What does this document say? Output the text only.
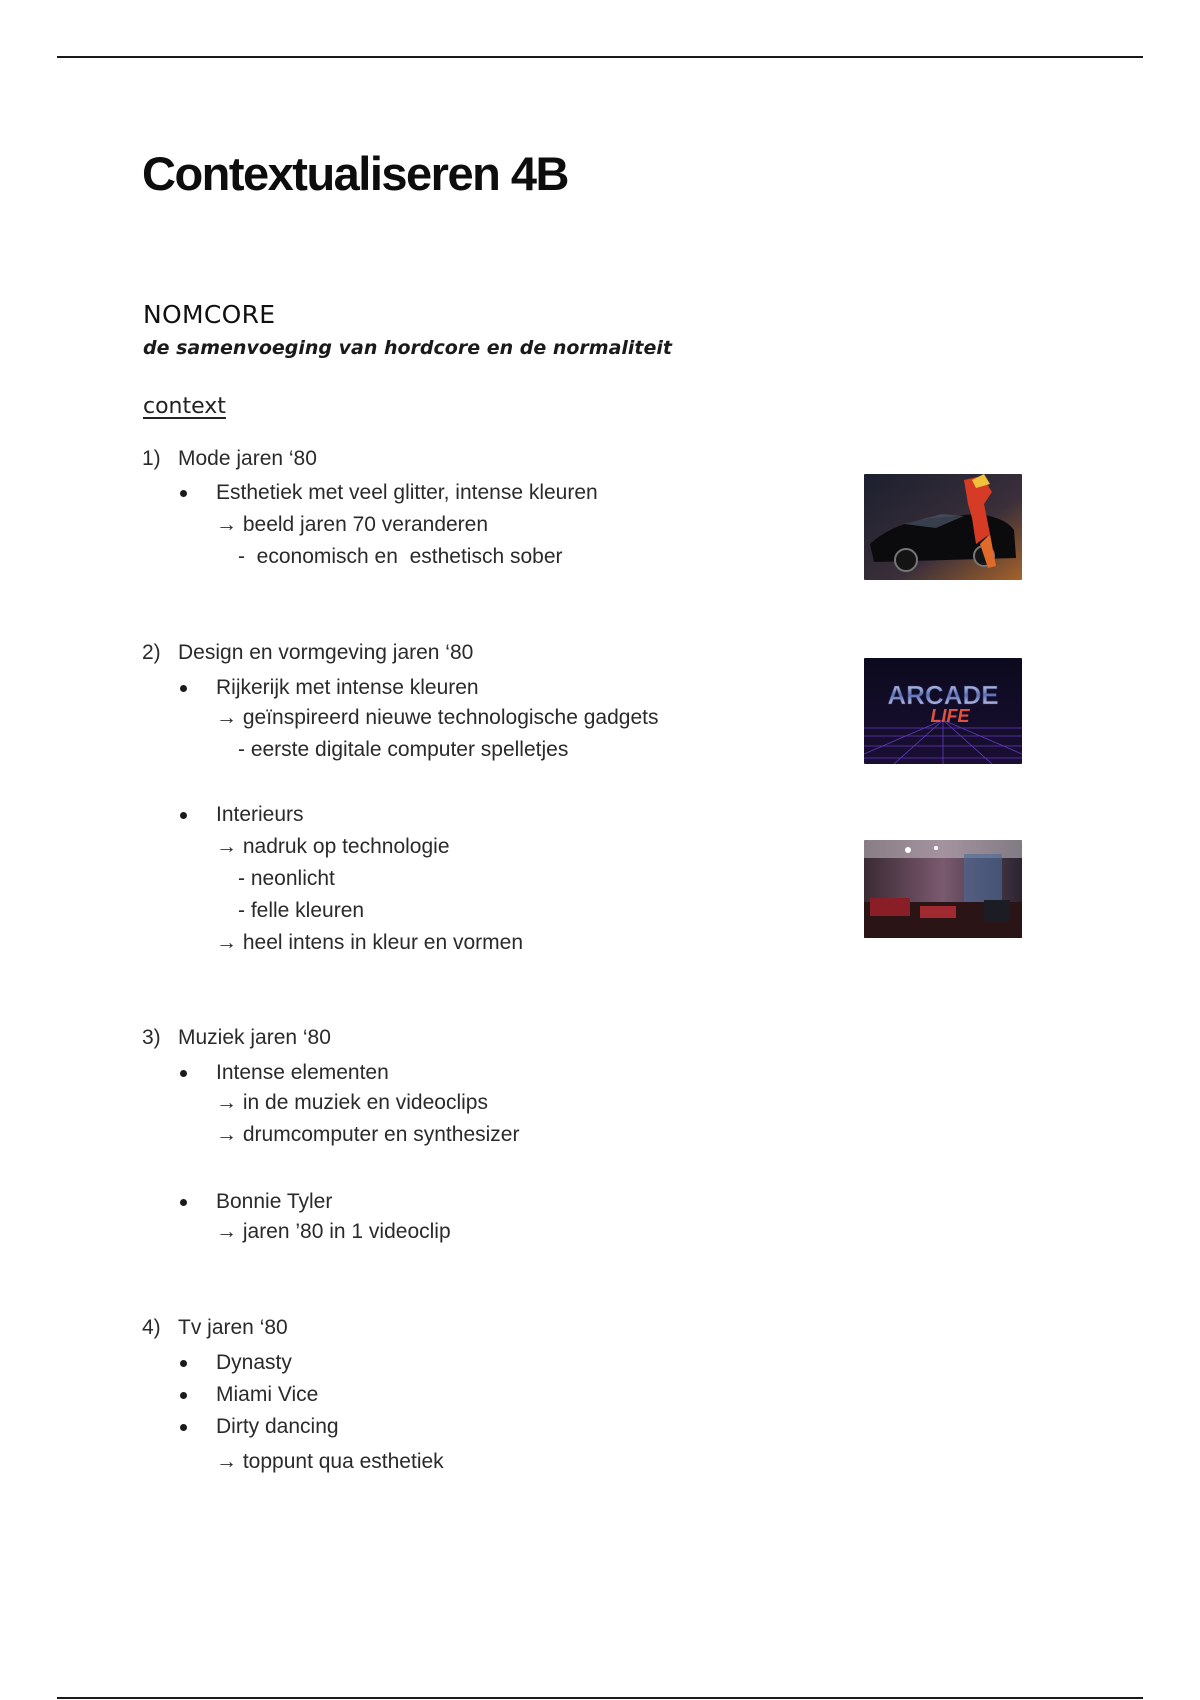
Contextualiseren 4B
NOMCORE

de samenvoeging van hordcore en de normaliteit

context

1) Mode jaren ‘80
Esthetiek met veel glitter, intense kleuren
→ beeld jaren 70 veranderen
-  economisch en  esthetisch sober
2) Design en vormgeving jaren ‘80
Rijkerijk met intense kleuren
→ geïnspireerd nieuwe technologische gadgets
- eerste digitale computer spelletjes
Interieurs
→ nadruk op technologie
- neonlicht
- felle kleuren
→ heel intens in kleur en vormen
3) Muziek jaren ‘80
Intense elementen
→ in de muziek en videoclips
→ drumcomputer en synthesizer
Bonnie Tyler
→ jaren ’80 in 1 videoclip
4) Tv jaren ‘80
Dynasty
Miami Vice
Dirty dancing
→ toppunt qua esthetiek
ARCADE
LIFE
